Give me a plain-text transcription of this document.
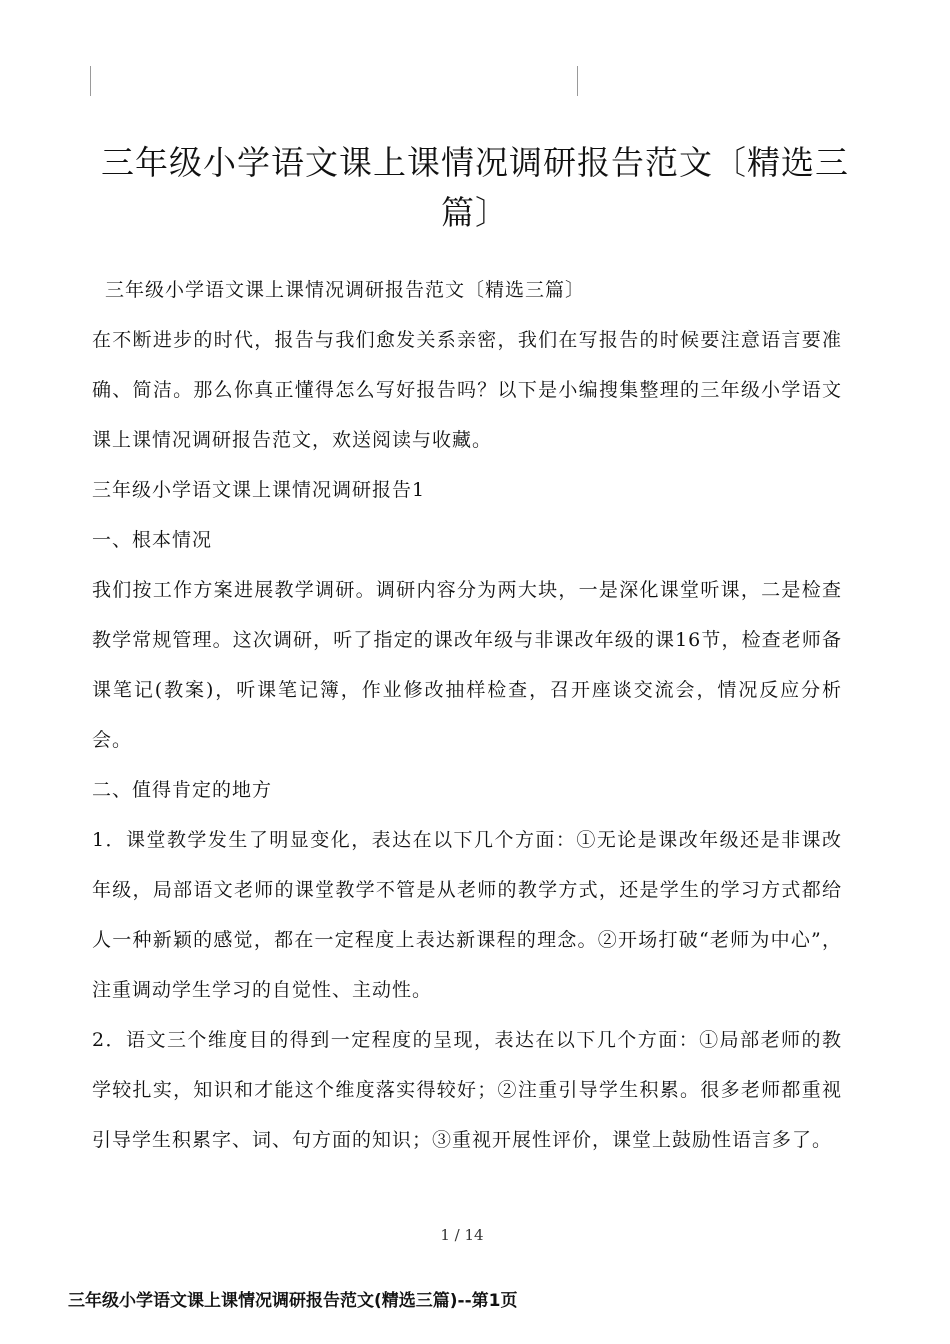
三年级小学语文课上课情况调研报告范文〔精选三篇〕

三年级小学语文课上课情况调研报告范文〔精选三篇〕

在不断进步的时代，报告与我们愈发关系亲密，我们在写报告的时候要注意语言要准确、简洁。那么你真正懂得怎么写好报告吗？以下是小编搜集整理的三年级小学语文课上课情况调研报告范文，欢送阅读与收藏。

三年级小学语文课上课情况调研报告1

一、根本情况

我们按工作方案进展教学调研。调研内容分为两大块，一是深化课堂听课，二是检查教学常规管理。这次调研，听了指定的课改年级与非课改年级的课16节，检查老师备课笔记(教案)，听课笔记簿，作业修改抽样检查，召开座谈交流会，情况反应分析会。

二、值得肯定的地方

1．课堂教学发生了明显变化，表达在以下几个方面：①无论是课改年级还是非课改年级，局部语文老师的课堂教学不管是从老师的教学方式，还是学生的学习方式都给人一种新颖的感觉，都在一定程度上表达新课程的理念。②开场打破“老师为中心”，注重调动学生学习的自觉性、主动性。

2．语文三个维度目的得到一定程度的呈现，表达在以下几个方面：①局部老师的教学较扎实，知识和才能这个维度落实得较好；②注重引导学生积累。很多老师都重视引导学生积累字、词、句方面的知识；③重视开展性评价，课堂上鼓励性语言多了。

1 / 14
三年级小学语文课上课情况调研报告范文(精选三篇)--第1页
